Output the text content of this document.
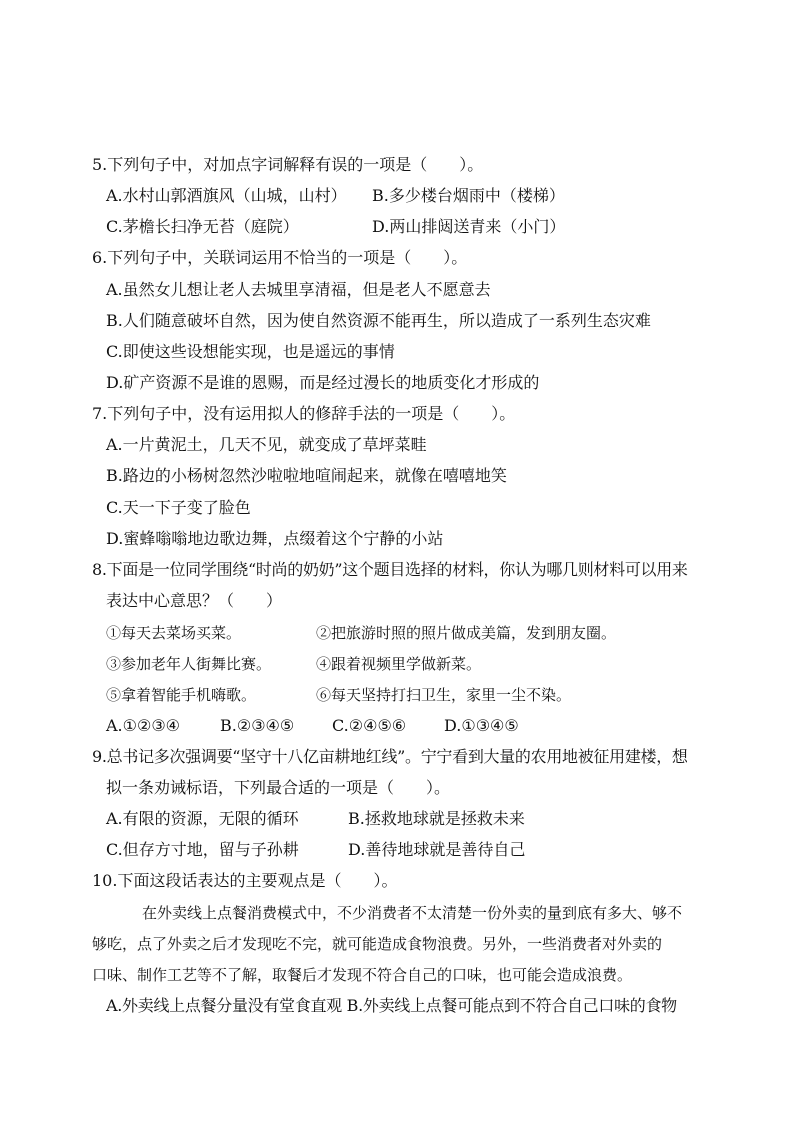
5.下列句子中，对加点字词解释有误的一项是（　　）。
A.水村山郭酒旗风（山城，山村） B.多少楼台烟雨中（楼梯）
C.茅檐长扫净无苔（庭院）	D.两山排闼送青来（小门）
6.下列句子中，关联词运用不恰当的一项是（　　）。
A.虽然女儿想让老人去城里享清福，但是老人不愿意去
B.人们随意破坏自然，因为使自然资源不能再生，所以造成了一系列生态灾难
C.即使这些设想能实现，也是遥远的事情
D.矿产资源不是谁的恩赐，而是经过漫长的地质变化才形成的
7.下列句子中，没有运用拟人的修辞手法的一项是（　　）。
A.一片黄泥土，几天不见，就变成了草坪菜畦
B.路边的小杨树忽然沙啦啦地喧闹起来，就像在嘻嘻地笑
C.天一下子变了脸色
D.蜜蜂嗡嗡地边歌边舞，点缀着这个宁静的小站
8.下面是一位同学围绕“时尚的奶奶”这个题目选择的材料，你认为哪几则材料可以用来
表达中心意思？（　　）
①每天去菜场买菜。	②把旅游时照的照片做成美篇，发到朋友圈。
③参加老年人街舞比赛。	④跟着视频里学做新菜。
⑤拿着智能手机嗨歌。	⑥每天坚持打扫卫生，家里一尘不染。
A.①②③④ B.②③④⑤ C.②④⑤⑥ D.①③④⑤
9.总书记多次强调要“坚守十八亿亩耕地红线”。宁宁看到大量的农用地被征用建楼，想
拟一条劝诫标语，下列最合适的一项是（　　）。
A.有限的资源，无限的循环	B.拯救地球就是拯救未来
C.但存方寸地，留与子孙耕	D.善待地球就是善待自己
10.下面这段话表达的主要观点是（　　）。
在外卖线上点餐消费模式中，不少消费者不太清楚一份外卖的量到底有多大、够不
够吃，点了外卖之后才发现吃不完，就可能造成食物浪费。另外，一些消费者对外卖的
口味、制作工艺等不了解，取餐后才发现不符合自己的口味，也可能会造成浪费。
A.外卖线上点餐分量没有堂食直观 B.外卖线上点餐可能点到不符合自己口味的食物
